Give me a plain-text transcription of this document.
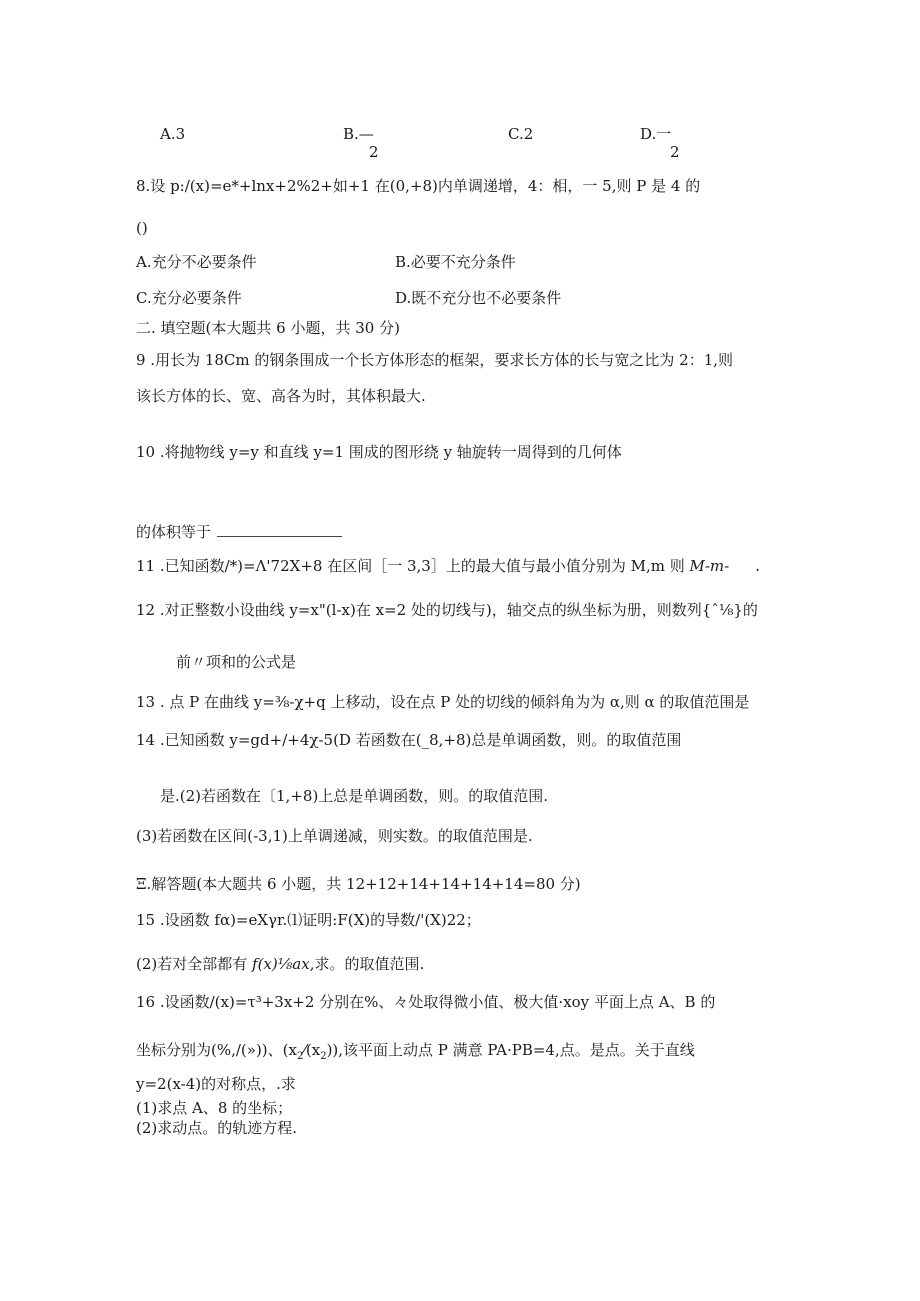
A.3	B.—
2
C.2	D.一
2
8.设 p:/(x)=e*+lnx+2%2+如+1 在(0,+8)内单调递增，4：相，一 5,则 P 是 4 的
()
A.充分不必要条件	B.必要不充分条件
C.充分必要条件	D.既不充分也不必要条件
二. 填空题(本大题共 6 小题，共 30 分)
9 .用长为 18Cm 的钢条围成一个长方体形态的框架，要求长方体的长与宽之比为 2：1,则
该长方体的长、宽、高各为时，其体积最大.
10 .将抛物线 y=y 和直线 y=1 围成的图形绕 y 轴旋转一周得到的几何体
的体积等于
11 .已知函数/*)=Λ'72X+8 在区间［一 3,3］上的最大值与最小值分别为 M,m 则 M-m- .
12 .对正整数小设曲线 y=x"(l-x)在 x=2 处的切线与)，轴交点的纵坐标为册，则数列{ˆ⅛}的
前〃项和的公式是
13 . 点 P 在曲线 y=⅜-χ+q 上移动，设在点 P 处的切线的倾斜角为为 α,则 α 的取值范围是
14 .已知函数 y=gd+/+4χ-5(D 若函数在(_8,+8)总是单调函数，则。的取值范围
是.(2)若函数在〔1,+8)上总是单调函数，则。的取值范围.
(3)若函数在区间(-3,1)上单调递减，则实数。的取值范围是.
Ξ.解答题(本大题共 6 小题，共 12+12+14+14+14+14=80 分)
15 .设函数 fα)=eXγr.⑴证明:F(X)的导数/'(X)22；
(2)若对全部都有 f(x)⅛ax,求。的取值范围.
16 .设函数/(x)=τ³+3x+2 分别在%、々处取得微小值、极大值·xoy 平面上点 A、B 的
坐标分别为(%,/(»))、$(x_2⁄(x_2))$,该平面上动点 P 满意 PA·PB=4,点。是点。关于直线
y=2(x-4)的对称点，.求
(1)求点 A、8 的坐标；
(2)求动点。的轨迹方程.
